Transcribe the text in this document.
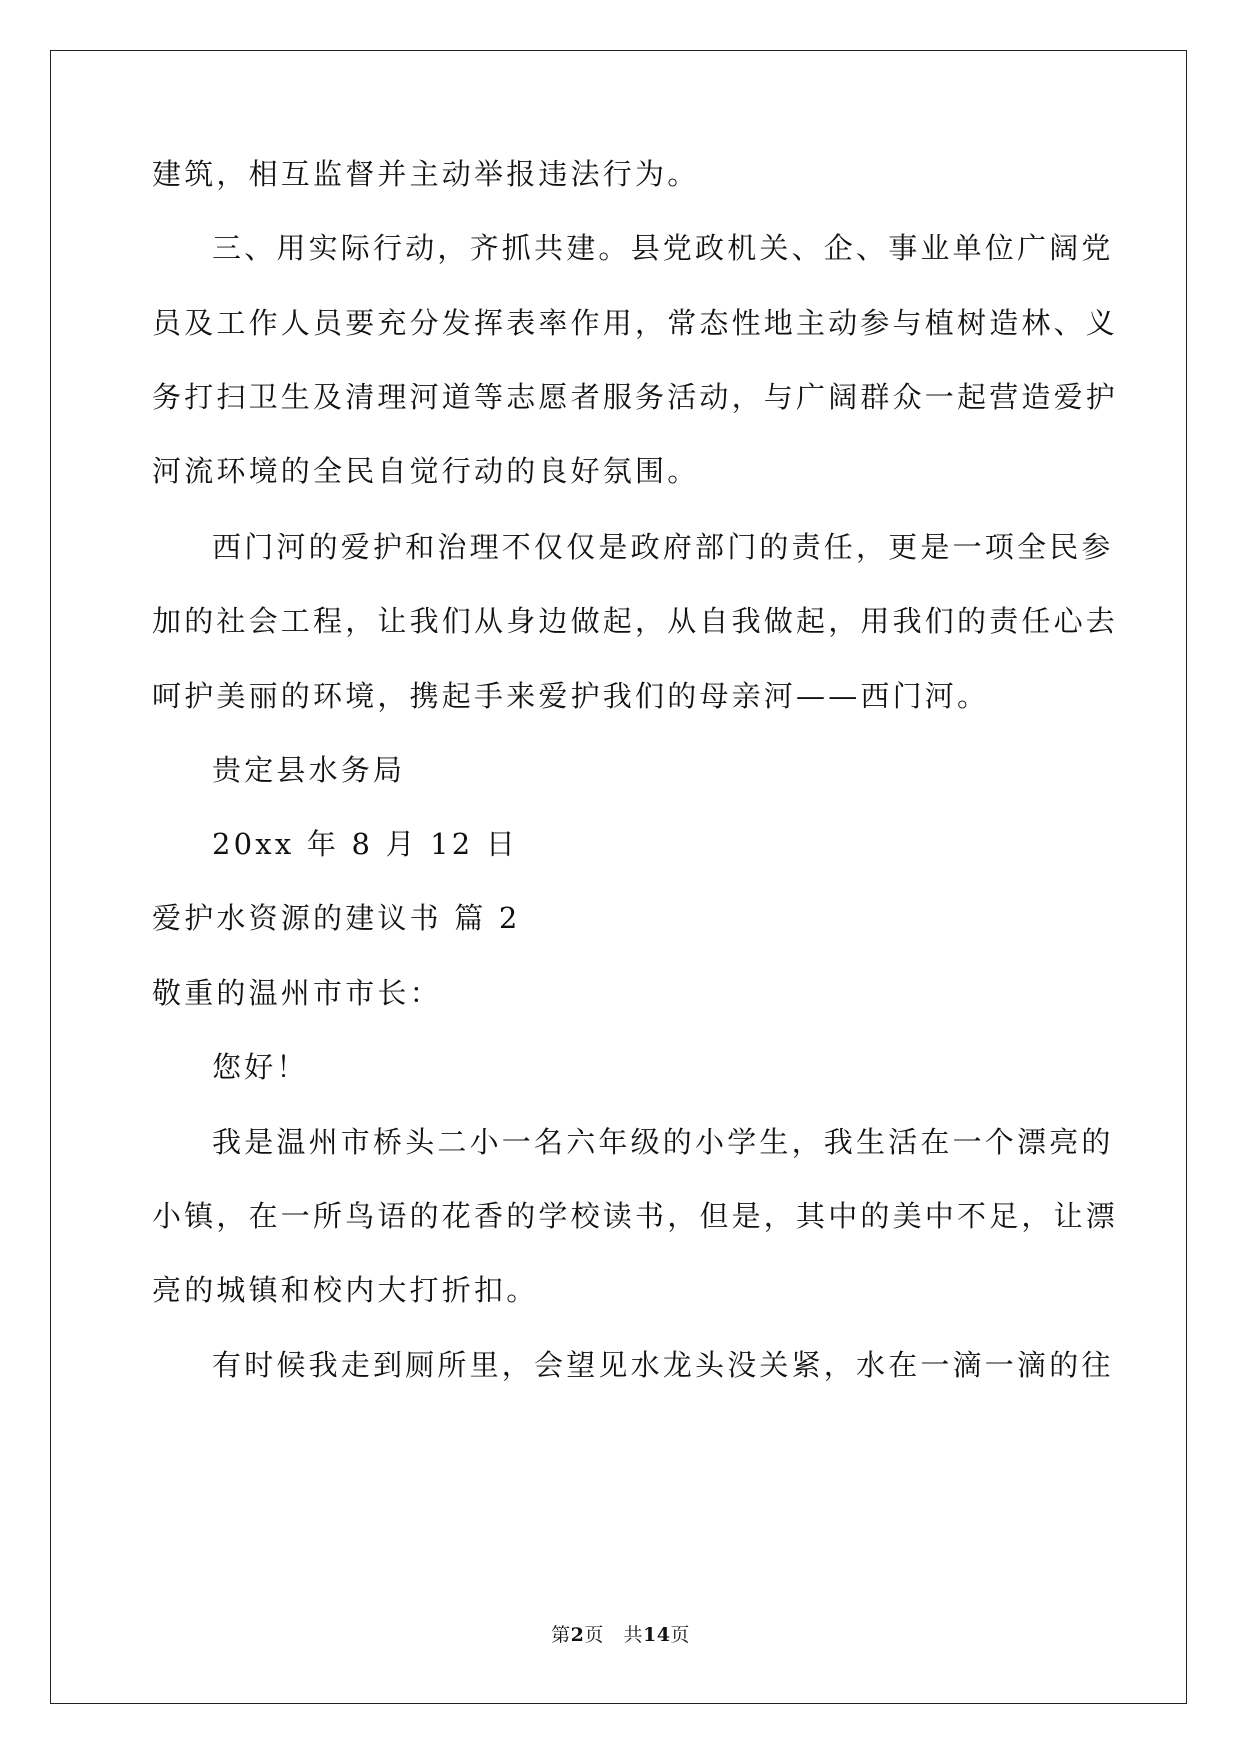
建筑，相互监督并主动举报违法行为。
三、用实际行动，齐抓共建。县党政机关、企、事业单位广阔党
员及工作人员要充分发挥表率作用，常态性地主动参与植树造林、义
务打扫卫生及清理河道等志愿者服务活动，与广阔群众一起营造爱护
河流环境的全民自觉行动的良好氛围。
西门河的爱护和治理不仅仅是政府部门的责任，更是一项全民参
加的社会工程，让我们从身边做起，从自我做起，用我们的责任心去
呵护美丽的环境，携起手来爱护我们的母亲河——西门河。
贵定县水务局
20xx 年 8 月 12 日
爱护水资源的建议书 篇 2
敬重的温州市市长：
您好！
我是温州市桥头二小一名六年级的小学生，我生活在一个漂亮的
小镇，在一所鸟语的花香的学校读书，但是，其中的美中不足，让漂
亮的城镇和校内大打折扣。
有时候我走到厕所里，会望见水龙头没关紧，水在一滴一滴的往
第2页 共14页
